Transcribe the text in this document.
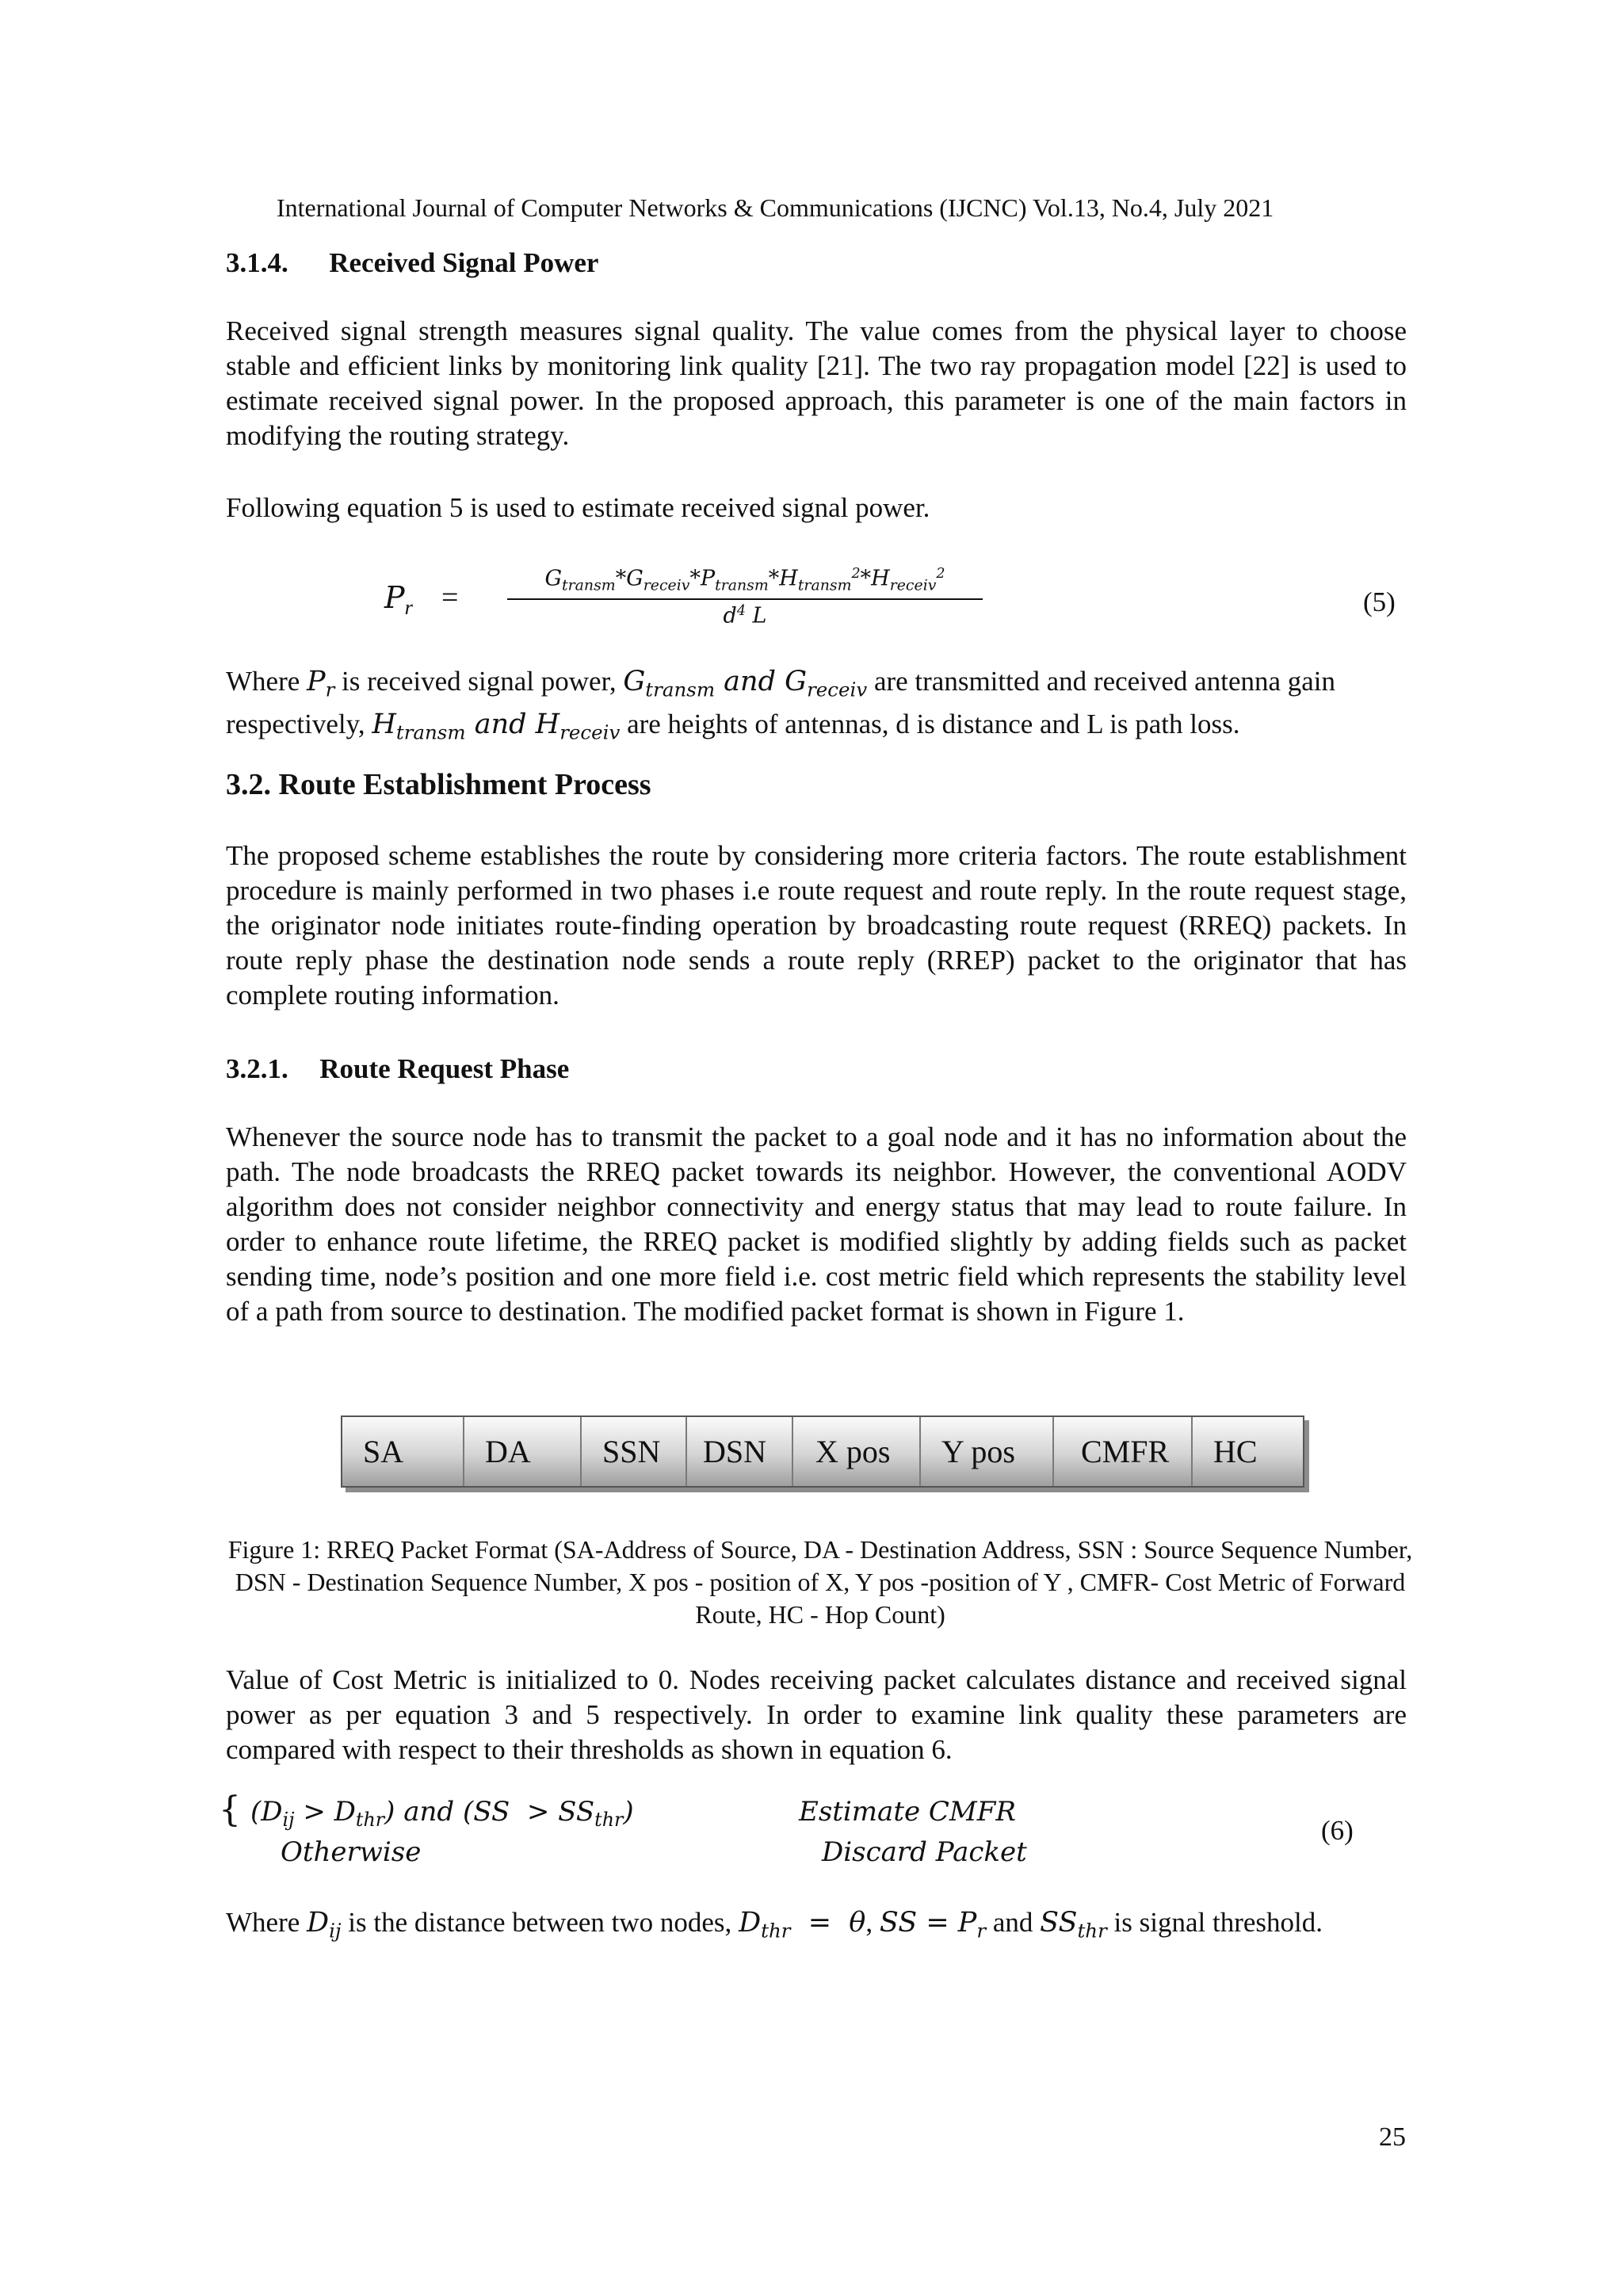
International Journal of Computer Networks & Communications (IJCNC) Vol.13, No.4, July 2021
3.1.4. Received Signal Power
Received signal strength measures signal quality. The value comes from the physical layer to choose stable and efficient links by monitoring link quality [21]. The two ray propagation model [22] is used to estimate received signal power. In the proposed approach, this parameter is one of the main factors in modifying the routing strategy.
Following equation 5 is used to estimate received signal power.
$P_r$ =
$G_{transm}*G_{receiv}*P_{transm}*H_{transm}^2*H_{receiv}^2$
$d^4$ L	(5)
Where $P_r$ is received signal power, $G_{transm}$ and $G_{receiv}$ are transmitted and received antenna gain respectively, $H_{transm}$ and $H_{receiv}$ are heights of antennas, d is distance and L is path loss.
3.2. Route Establishment Process
The proposed scheme establishes the route by considering more criteria factors. The route establishment procedure is mainly performed in two phases i.e route request and route reply. In the route request stage, the originator node initiates route-finding operation by broadcasting route request (RREQ) packets. In route reply phase the destination node sends a route reply (RREP) packet to the originator that has complete routing information.
3.2.1. Route Request Phase
Whenever the source node has to transmit the packet to a goal node and it has no information about the path. The node broadcasts the RREQ packet towards its neighbor. However, the conventional AODV algorithm does not consider neighbor connectivity and energy status that may lead to route failure. In order to enhance route lifetime, the RREQ packet is modified slightly by adding fields such as packet sending time, node’s position and one more field i.e. cost metric field which represents the stability level of a path from source to destination. The modified packet format is shown in Figure 1.
SA	DA	SSN	DSN	X pos	Y pos	CMFR	HC
Figure 1: RREQ Packet Format (SA-Address of Source, DA - Destination Address, SSN : Source Sequence Number, DSN - Destination Sequence Number, X pos - position of X, Y pos -position of Y , CMFR- Cost Metric of Forward Route, HC - Hop Count)
Value of Cost Metric is initialized to 0. Nodes receiving packet calculates distance and received signal power as per equation 3 and 5 respectively. In order to examine link quality these parameters are compared with respect to their thresholds as shown in equation 6.
{ $(D_{ij} > D_{thr})$ and $(SS > SS_{thr})$
Otherwise
Estimate CMFR
Discard Packet
(6)
Where $D_{ij}$ is the distance between two nodes, $D_{thr} = \theta$, SS = $P_r$ and $SS_{thr}$ is signal threshold.
25
